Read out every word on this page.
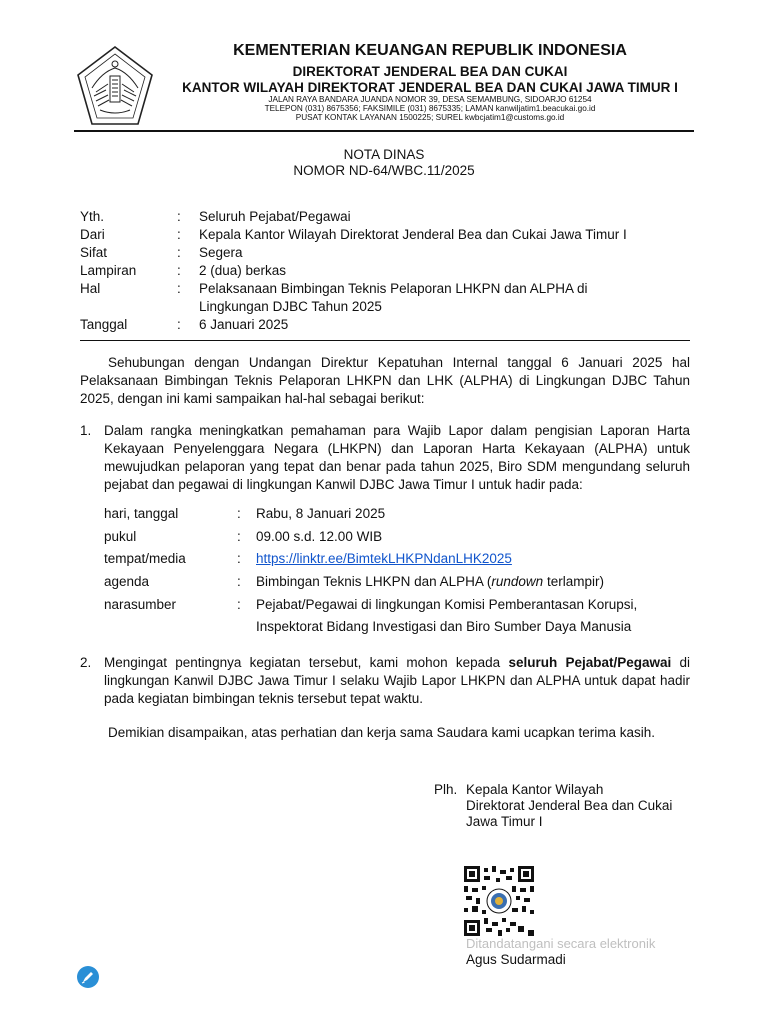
KEMENTERIAN KEUANGAN REPUBLIK INDONESIA
DIREKTORAT JENDERAL BEA DAN CUKAI
KANTOR WILAYAH DIREKTORAT JENDERAL BEA DAN CUKAI JAWA TIMUR I
JALAN RAYA BANDARA JUANDA NOMOR 39, DESA SEMAMBUNG, SIDOARJO 61254
TELEPON (031) 8675356; FAKSIMILE (031) 8675335; LAMAN kanwiljatim1.beacukai.go.id
PUSAT KONTAK LAYANAN 1500225; SUREL kwbcjatim1@customs.go.id
NOTA DINAS
NOMOR ND-64/WBC.11/2025
Yth.	: Seluruh Pejabat/Pegawai
Dari	: Kepala Kantor Wilayah Direktorat Jenderal Bea dan Cukai Jawa Timur I
Sifat	: Segera
Lampiran	: 2 (dua) berkas
Hal	: Pelaksanaan Bimbingan Teknis Pelaporan LHKPN dan ALPHA di
Lingkungan DJBC Tahun 2025
Tanggal	: 6 Januari 2025
Sehubungan dengan Undangan Direktur Kepatuhan Internal tanggal 6 Januari 2025 hal Pelaksanaan Bimbingan Teknis Pelaporan LHKPN dan LHK (ALPHA) di Lingkungan DJBC Tahun 2025, dengan ini kami sampaikan hal-hal sebagai berikut:
1. Dalam rangka meningkatkan pemahaman para Wajib Lapor dalam pengisian Laporan Harta Kekayaan Penyelenggara Negara (LHKPN) dan Laporan Harta Kekayaan (ALPHA) untuk mewujudkan pelaporan yang tepat dan benar pada tahun 2025, Biro SDM mengundang seluruh pejabat dan pegawai di lingkungan Kanwil DJBC Jawa Timur I untuk hadir pada:
hari, tanggal	: Rabu, 8 Januari 2025
pukul	: 09.00 s.d. 12.00 WIB
tempat/media	: https://linktr.ee/BimtekLHKPNdanLHK2025
agenda	: Bimbingan Teknis LHKPN dan ALPHA (rundown terlampir)
narasumber	: Pejabat/Pegawai di lingkungan Komisi Pemberantasan Korupsi,
Inspektorat Bidang Investigasi dan Biro Sumber Daya Manusia
2. Mengingat pentingnya kegiatan tersebut, kami mohon kepada seluruh Pejabat/Pegawai di lingkungan Kanwil DJBC Jawa Timur I selaku Wajib Lapor LHKPN dan ALPHA untuk dapat hadir pada kegiatan bimbingan teknis tersebut tepat waktu.
Demikian disampaikan, atas perhatian dan kerja sama Saudara kami ucapkan terima kasih.
Plh. Kepala Kantor Wilayah
Direktorat Jenderal Bea dan Cukai
Jawa Timur I
Ditandatangani secara elektronik
Agus Sudarmadi
